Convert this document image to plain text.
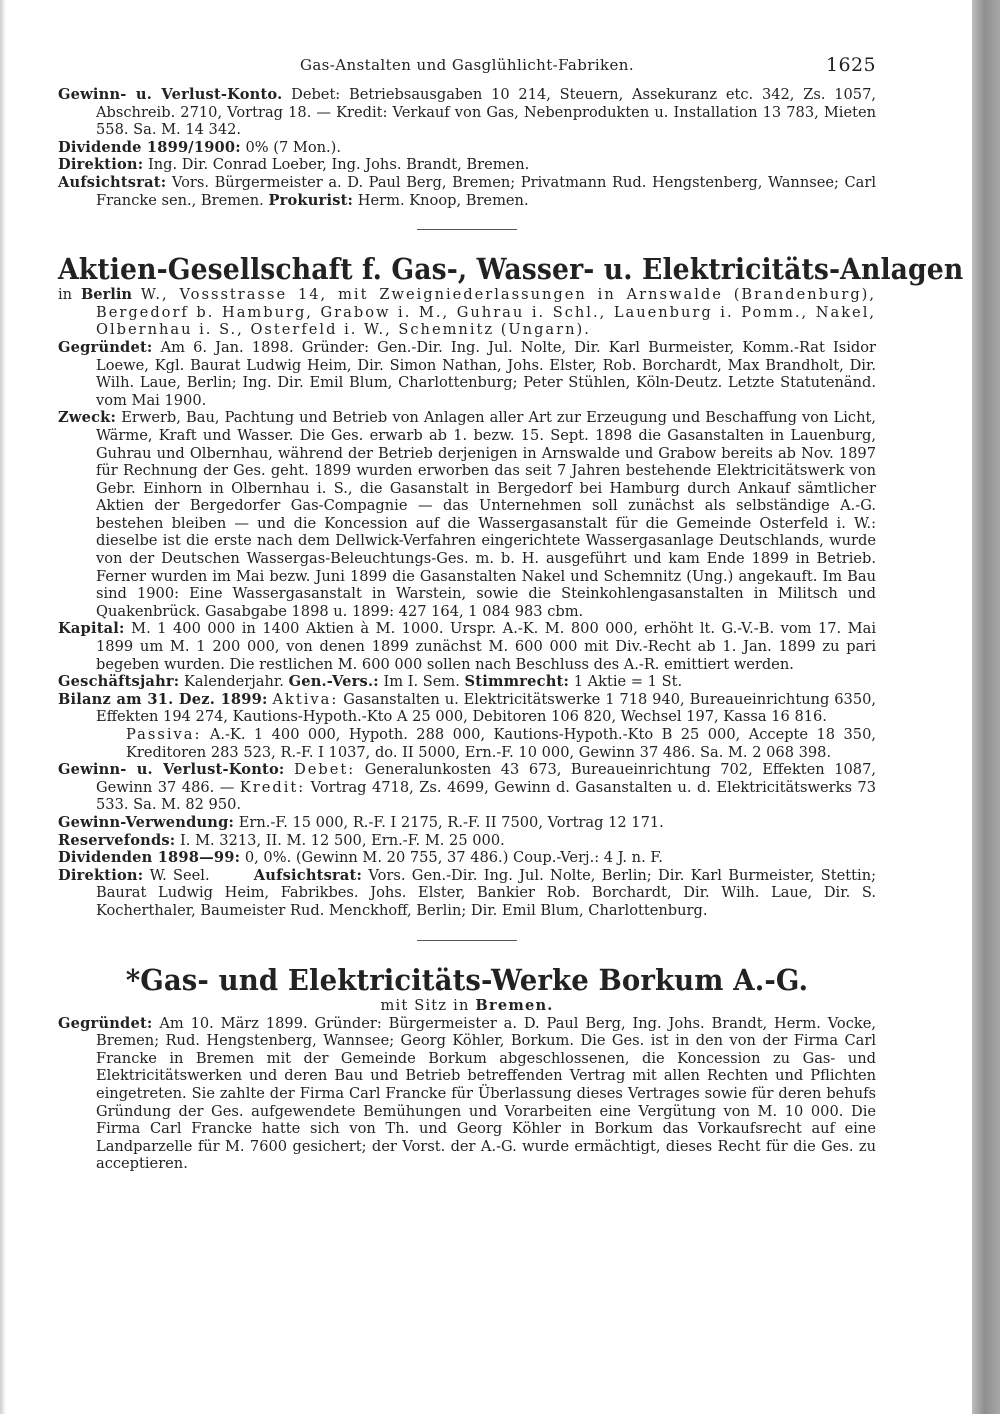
Gas-Anstalten und Gasglühlicht-Fabriken.	1625

Gewinn- u. Verlust-Konto. Debet: Betriebsausgaben 10 214, Steuern, Assekuranz etc. 342, Zs. 1057, Abschreib. 2710, Vortrag 18. — Kredit: Verkauf von Gas, Nebenprodukten u. Installation 13 783, Mieten 558. Sa. M. 14 342.

Dividende 1899/1900: 0% (7 Mon.).

Direktion: Ing. Dir. Conrad Loeber, Ing. Johs. Brandt, Bremen.

Aufsichtsrat: Vors. Bürgermeister a. D. Paul Berg, Bremen; Privatmann Rud. Hengstenberg, Wannsee; Carl Francke sen., Bremen. Prokurist: Herm. Knoop, Bremen.

Aktien-Gesellschaft f. Gas-, Wasser- u. Elektricitäts-Anlagen

in Berlin W., Vossstrasse 14, mit Zweigniederlassungen in Arnswalde (Brandenburg), Bergedorf b. Hamburg, Grabow i. M., Guhrau i. Schl., Lauenburg i. Pomm., Nakel, Olbernhau i. S., Osterfeld i. W., Schemnitz (Ungarn).

Gegründet: Am 6. Jan. 1898. Gründer: Gen.-Dir. Ing. Jul. Nolte, Dir. Karl Burmeister, Komm.-Rat Isidor Loewe, Kgl. Baurat Ludwig Heim, Dir. Simon Nathan, Johs. Elster, Rob. Borchardt, Max Brandholt, Dir. Wilh. Laue, Berlin; Ing. Dir. Emil Blum, Charlottenburg; Peter Stühlen, Köln-Deutz. Letzte Statutenänd. vom Mai 1900.

Zweck: Erwerb, Bau, Pachtung und Betrieb von Anlagen aller Art zur Erzeugung und Beschaffung von Licht, Wärme, Kraft und Wasser. Die Ges. erwarb ab 1. bezw. 15. Sept. 1898 die Gasanstalten in Lauenburg, Guhrau und Olbernhau, während der Betrieb derjenigen in Arnswalde und Grabow bereits ab Nov. 1897 für Rechnung der Ges. geht. 1899 wurden erworben das seit 7 Jahren bestehende Elektricitätswerk von Gebr. Einhorn in Olbernhau i. S., die Gasanstalt in Bergedorf bei Hamburg durch Ankauf sämtlicher Aktien der Bergedorfer Gas-Compagnie — das Unternehmen soll zunächst als selbständige A.-G. bestehen bleiben — und die Koncession auf die Wassergasanstalt für die Gemeinde Osterfeld i. W.: dieselbe ist die erste nach dem Dellwick-Verfahren eingerichtete Wassergasanlage Deutschlands, wurde von der Deutschen Wassergas-Beleuchtungs-Ges. m. b. H. ausgeführt und kam Ende 1899 in Betrieb. Ferner wurden im Mai bezw. Juni 1899 die Gasanstalten Nakel und Schemnitz (Ung.) angekauft. Im Bau sind 1900: Eine Wassergasanstalt in Warstein, sowie die Steinkohlengasanstalten in Militsch und Quakenbrück. Gasabgabe 1898 u. 1899: 427 164, 1 084 983 cbm.

Kapital: M. 1 400 000 in 1400 Aktien à M. 1000. Urspr. A.-K. M. 800 000, erhöht lt. G.-V.-B. vom 17. Mai 1899 um M. 1 200 000, von denen 1899 zunächst M. 600 000 mit Div.-Recht ab 1. Jan. 1899 zu pari begeben wurden. Die restlichen M. 600 000 sollen nach Beschluss des A.-R. emittiert werden.

Geschäftsjahr: Kalenderjahr. Gen.-Vers.: Im I. Sem. Stimmrecht: 1 Aktie = 1 St.

Bilanz am 31. Dez. 1899: Aktiva: Gasanstalten u. Elektricitätswerke 1 718 940, Bureaueinrichtung 6350, Effekten 194 274, Kautions-Hypoth.-Kto A 25 000, Debitoren 106 820, Wechsel 197, Kassa 16 816.

Passiva: A.-K. 1 400 000, Hypoth. 288 000, Kautions-Hypoth.-Kto B 25 000, Accepte 18 350, Kreditoren 283 523, R.-F. I 1037, do. II 5000, Ern.-F. 10 000, Gewinn 37 486. Sa. M. 2 068 398.

Gewinn- u. Verlust-Konto: Debet: Generalunkosten 43 673, Bureaueinrichtung 702, Effekten 1087, Gewinn 37 486. — Kredit: Vortrag 4718, Zs. 4699, Gewinn d. Gasanstalten u. d. Elektricitätswerks 73 533. Sa. M. 82 950.

Gewinn-Verwendung: Ern.-F. 15 000, R.-F. I 2175, R.-F. II 7500, Vortrag 12 171.

Reservefonds: I. M. 3213, II. M. 12 500, Ern.-F. M. 25 000.

Dividenden 1898—99: 0, 0%. (Gewinn M. 20 755, 37 486.) Coup.-Verj.: 4 J. n. F.

Direktion: W. Seel.	Aufsichtsrat: Vors. Gen.-Dir. Ing. Jul. Nolte, Berlin; Dir. Karl Burmeister, Stettin; Baurat Ludwig Heim, Fabrikbes. Johs. Elster, Bankier Rob. Borchardt, Dir. Wilh. Laue, Dir. S. Kocherthaler, Baumeister Rud. Menckhoff, Berlin; Dir. Emil Blum, Charlottenburg.

*Gas- und Elektricitäts-Werke Borkum A.-G.
mit Sitz in Bremen.

Gegründet: Am 10. März 1899. Gründer: Bürgermeister a. D. Paul Berg, Ing. Johs. Brandt, Herm. Vocke, Bremen; Rud. Hengstenberg, Wannsee; Georg Köhler, Borkum. Die Ges. ist in den von der Firma Carl Francke in Bremen mit der Gemeinde Borkum abgeschlossenen, die Koncession zu Gas- und Elektricitätswerken und deren Bau und Betrieb betreffenden Vertrag mit allen Rechten und Pflichten eingetreten. Sie zahlte der Firma Carl Francke für Überlassung dieses Vertrages sowie für deren behufs Gründung der Ges. aufgewendete Bemühungen und Vorarbeiten eine Vergütung von M. 10 000. Die Firma Carl Francke hatte sich von Th. und Georg Köhler in Borkum das Vorkaufsrecht auf eine Landparzelle für M. 7600 gesichert; der Vorst. der A.-G. wurde ermächtigt, dieses Recht für die Ges. zu acceptieren.
